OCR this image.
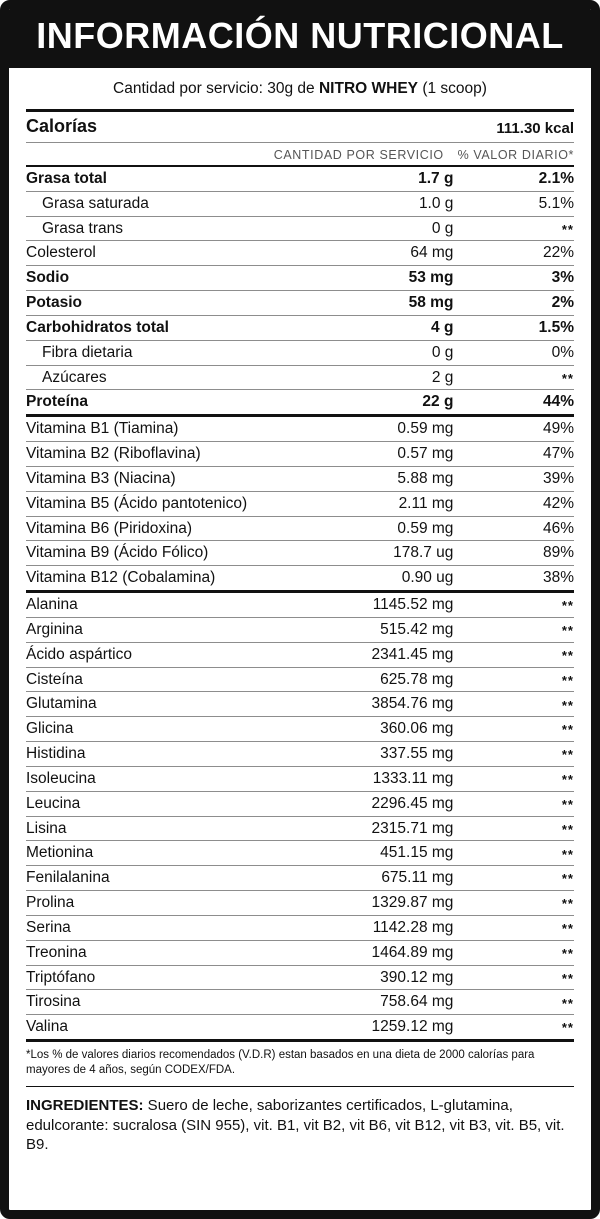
INFORMACIÓN NUTRICIONAL
Cantidad por servicio: 30g de NITRO WHEY (1 scoop)
Calorías		111.30 kcal
	CANTIDAD POR SERVICIO	% VALOR DIARIO*
Grasa total	1.7 g	2.1%
Grasa saturada	1.0 g	5.1%
Grasa trans	0 g	**
Colesterol	64 mg	22%
Sodio	53 mg	3%
Potasio	58 mg	2%
Carbohidratos total	4 g	1.5%
Fibra dietaria	0 g	0%
Azúcares	2 g	**
Proteína	22 g	44%
Vitamina B1 (Tiamina)	0.59 mg	49%
Vitamina B2 (Riboflavina)	0.57 mg	47%
Vitamina B3 (Niacina)	5.88 mg	39%
Vitamina B5 (Ácido pantotenico)	2.11 mg	42%
Vitamina B6 (Piridoxina)	0.59 mg	46%
Vitamina B9 (Ácido Fólico)	178.7 ug	89%
Vitamina B12 (Cobalamina)	0.90 ug	38%
Alanina	1145.52 mg	**
Arginina	515.42 mg	**
Ácido aspártico	2341.45 mg	**
Cisteína	625.78 mg	**
Glutamina	3854.76 mg	**
Glicina	360.06 mg	**
Histidina	337.55 mg	**
Isoleucina	1333.11 mg	**
Leucina	2296.45 mg	**
Lisina	2315.71 mg	**
Metionina	451.15 mg	**
Fenilalanina	675.11 mg	**
Prolina	1329.87 mg	**
Serina	1142.28 mg	**
Treonina	1464.89 mg	**
Triptófano	390.12 mg	**
Tirosina	758.64 mg	**
Valina	1259.12 mg	**
*Los % de valores diarios recomendados (V.D.R) estan basados en una dieta de 2000 calorías para mayores de 4 años, según CODEX/FDA.
INGREDIENTES: Suero de leche, saborizantes certificados, L-glutamina, edulcorante: sucralosa (SIN 955), vit. B1, vit B2, vit B6, vit B12, vit B3, vit. B5, vit. B9.
